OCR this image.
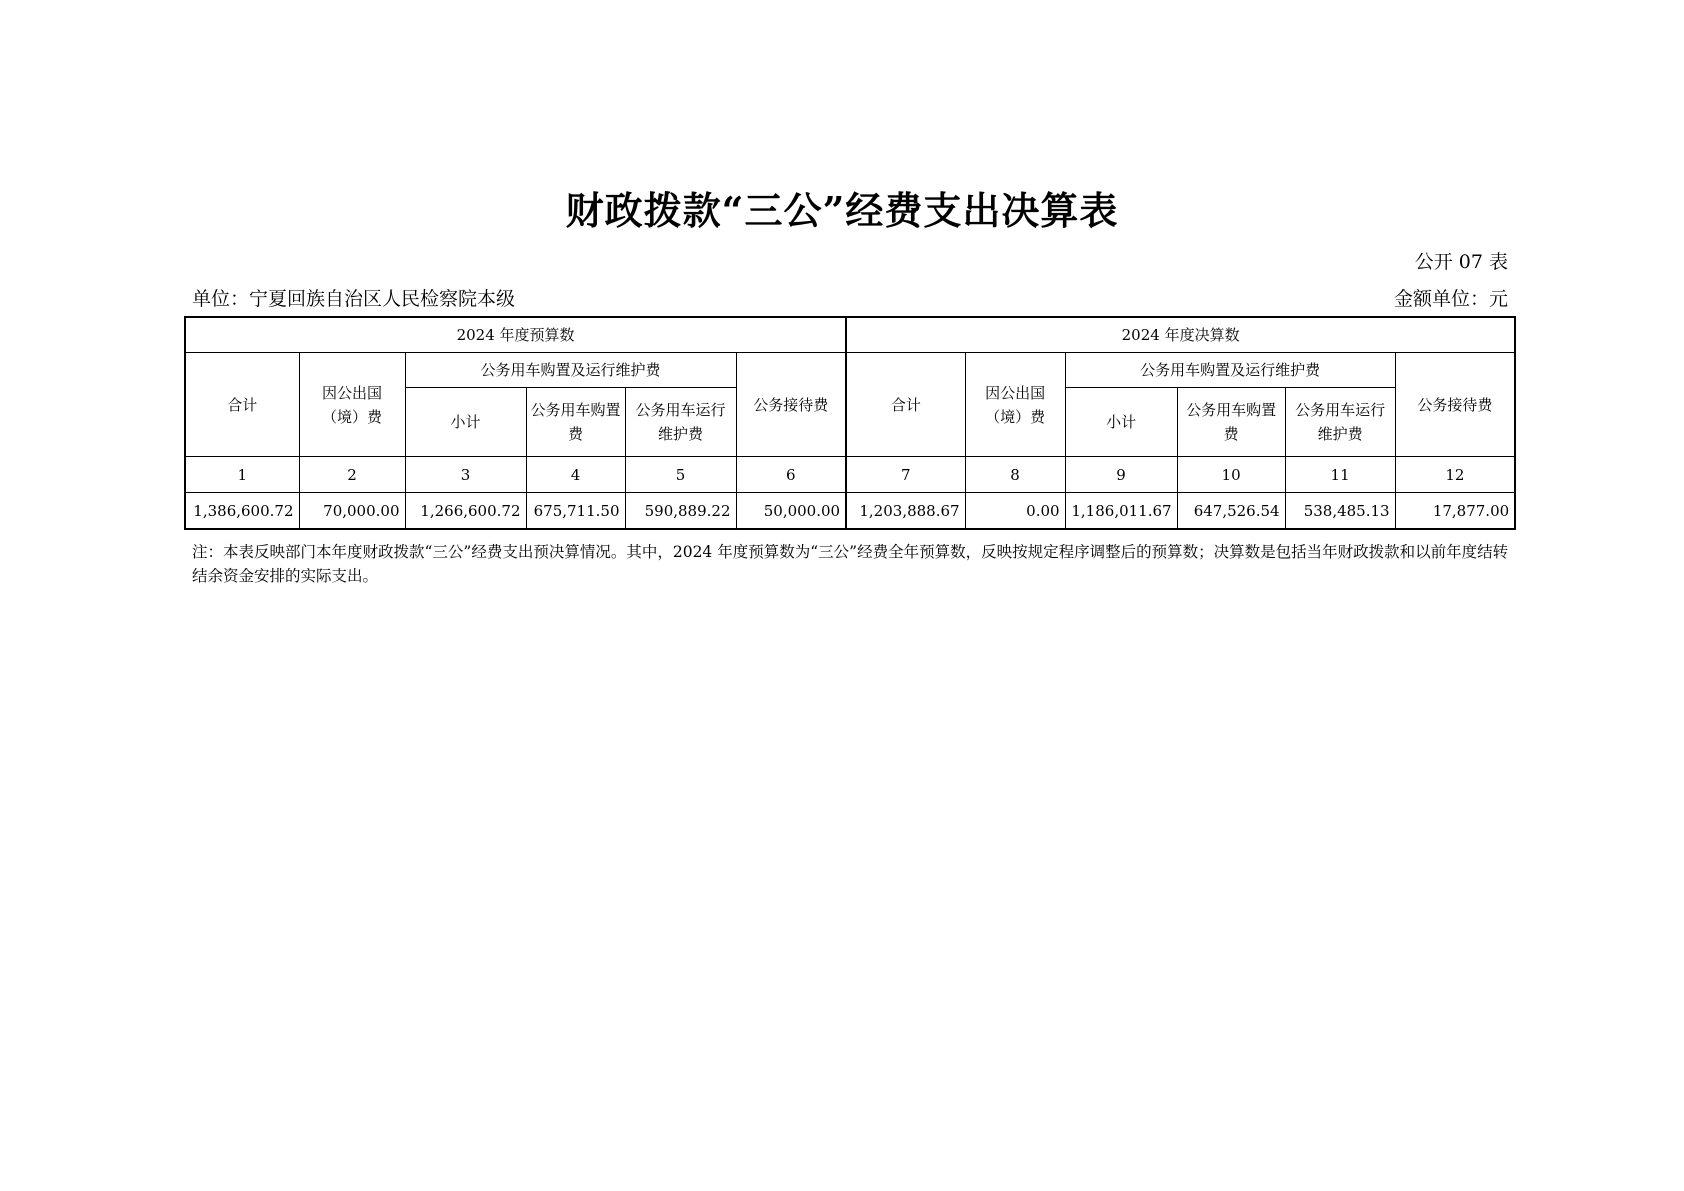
财政拨款“三公”经费支出决算表
公开 07 表
单位：宁夏回族自治区人民检察院本级	金额单位：元
2024 年度预算数						2024 年度决算数					
合计	因公出国（境）费	公务用车购置及运行维护费			公务接待费	合计	因公出国（境）费	公务用车购置及运行维护费			公务接待费
		小计	公务用车购置费	公务用车运行维护费				小计	公务用车购置费	公务用车运行维护费	
1	2	3	4	5	6	7	8	9	10	11	12
1,386,600.72	70,000.00	1,266,600.72	675,711.50	590,889.22	50,000.00	1,203,888.67	0.00	1,186,011.67	647,526.54	538,485.13	17,877.00
注：本表反映部门本年度财政拨款“三公”经费支出预决算情况。其中，2024 年度预算数为“三公”经费全年预算数，反映按规定程序调整后的预算数；决算数是包括当年财政拨款和以前年度结转结余资金安排的实际支出。
